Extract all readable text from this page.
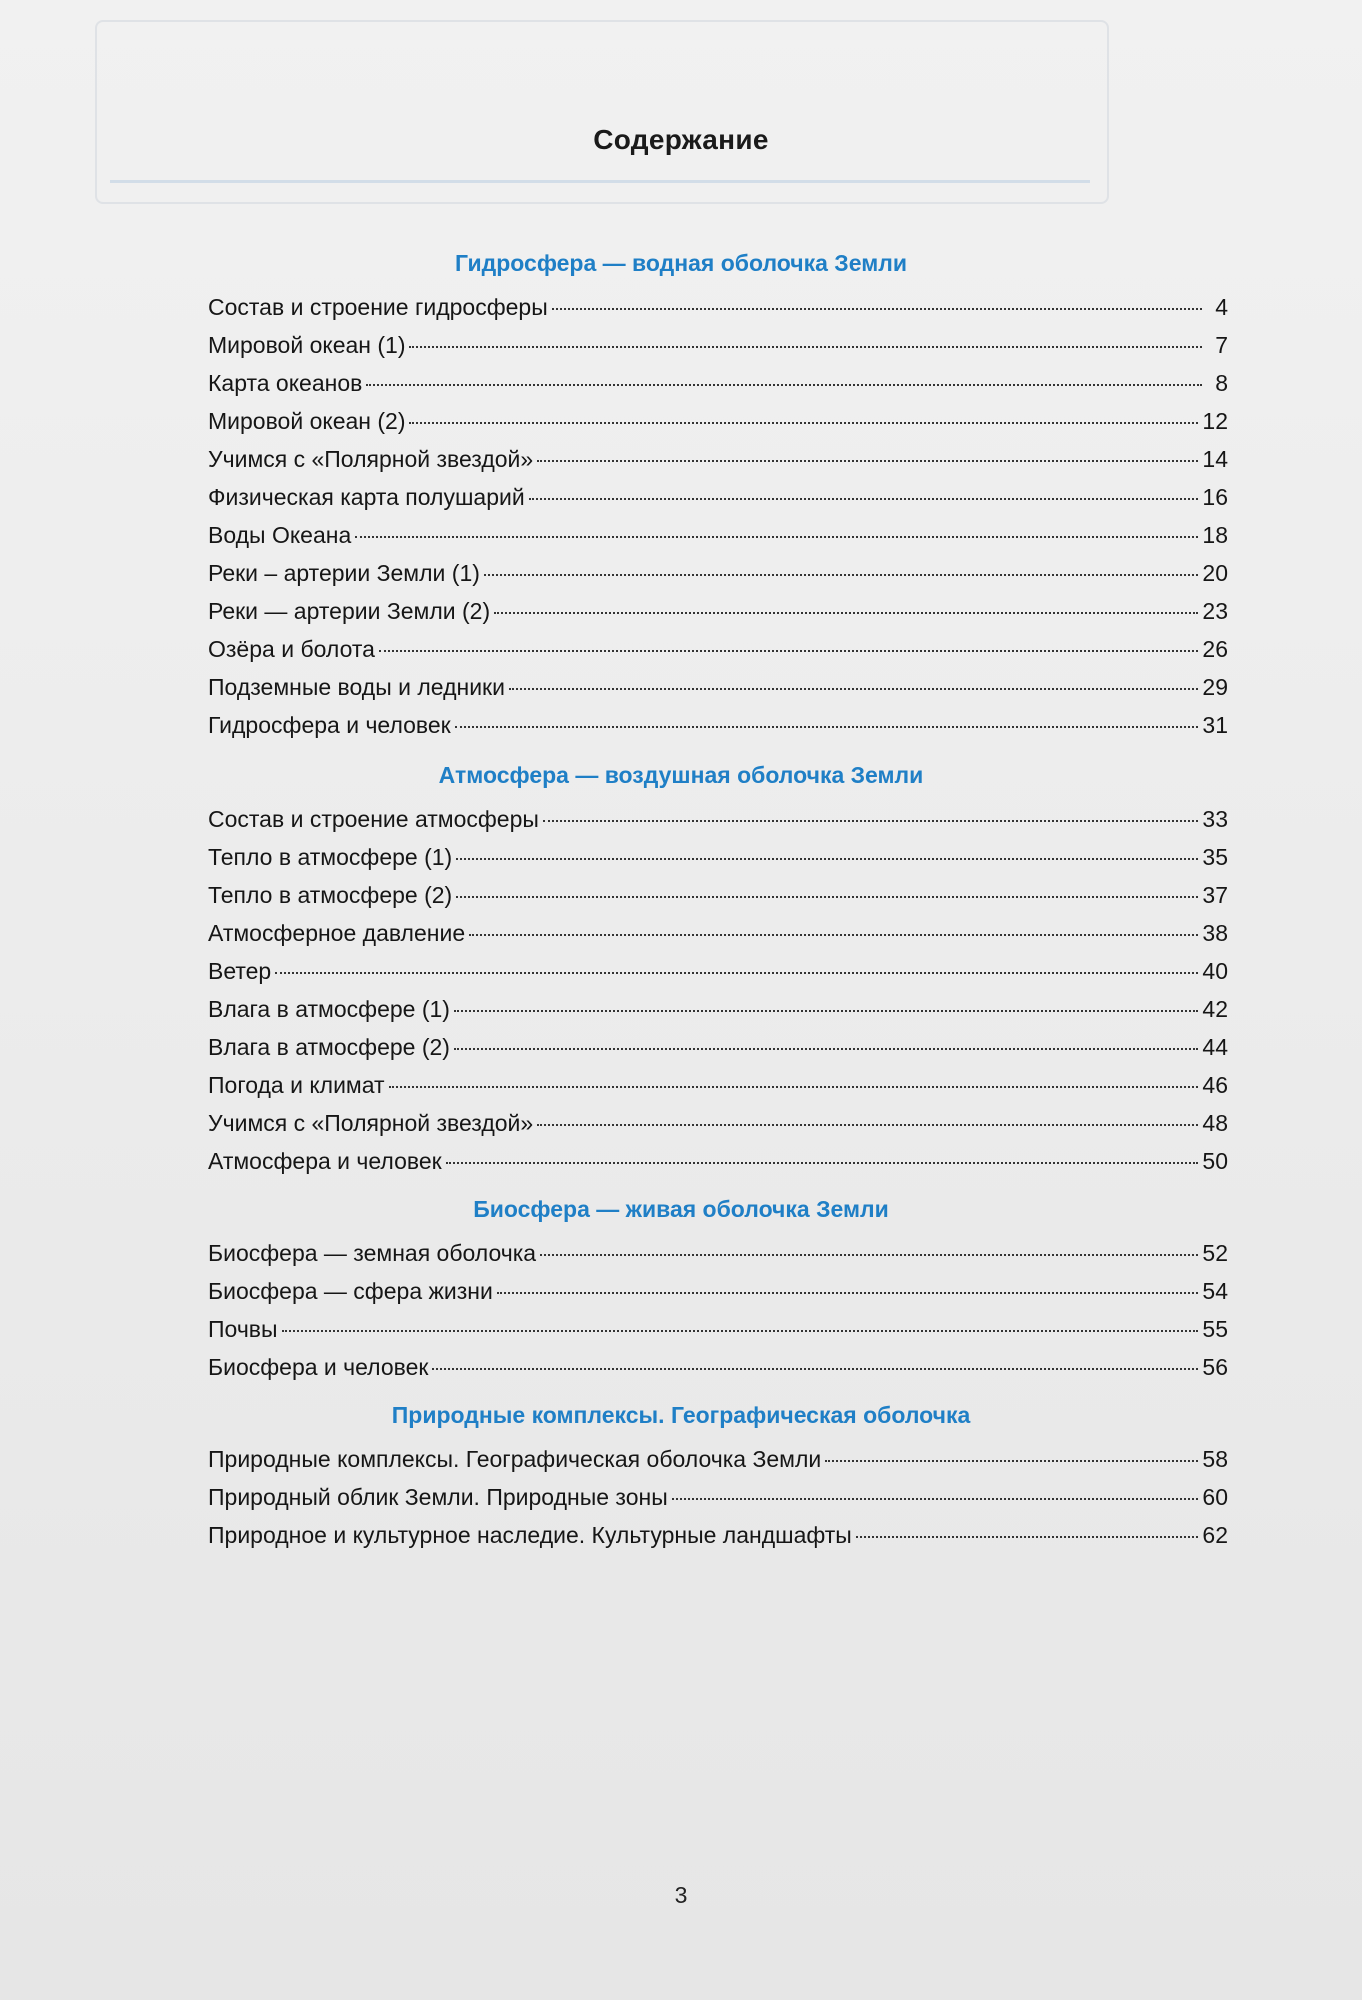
Содержание
Гидросфера — водная оболочка Земли
Состав и строение гидросферы	4
Мировой океан (1)	7
Карта океанов	8
Мировой океан (2)	12
Учимся с «Полярной звездой»	14
Физическая карта полушарий	16
Воды Океана	18
Реки – артерии Земли (1)	20
Реки — артерии Земли (2)	23
Озёра и болота	26
Подземные воды и ледники	29
Гидросфера и человек	31
Атмосфера — воздушная оболочка Земли
Состав и строение атмосферы	33
Тепло в атмосфере (1)	35
Тепло в атмосфере (2)	37
Атмосферное давление	38
Ветер	40
Влага в атмосфере (1)	42
Влага в атмосфере (2)	44
Погода и климат	46
Учимся с «Полярной звездой»	48
Атмосфера и человек	50
Биосфера — живая оболочка Земли
Биосфера — земная оболочка	52
Биосфера — сфера жизни	54
Почвы	55
Биосфера и человек	56
Природные комплексы. Географическая оболочка
Природные комплексы. Географическая оболочка Земли	58
Природный облик Земли. Природные зоны	60
Природное и культурное наследие. Культурные ландшафты	62
3
